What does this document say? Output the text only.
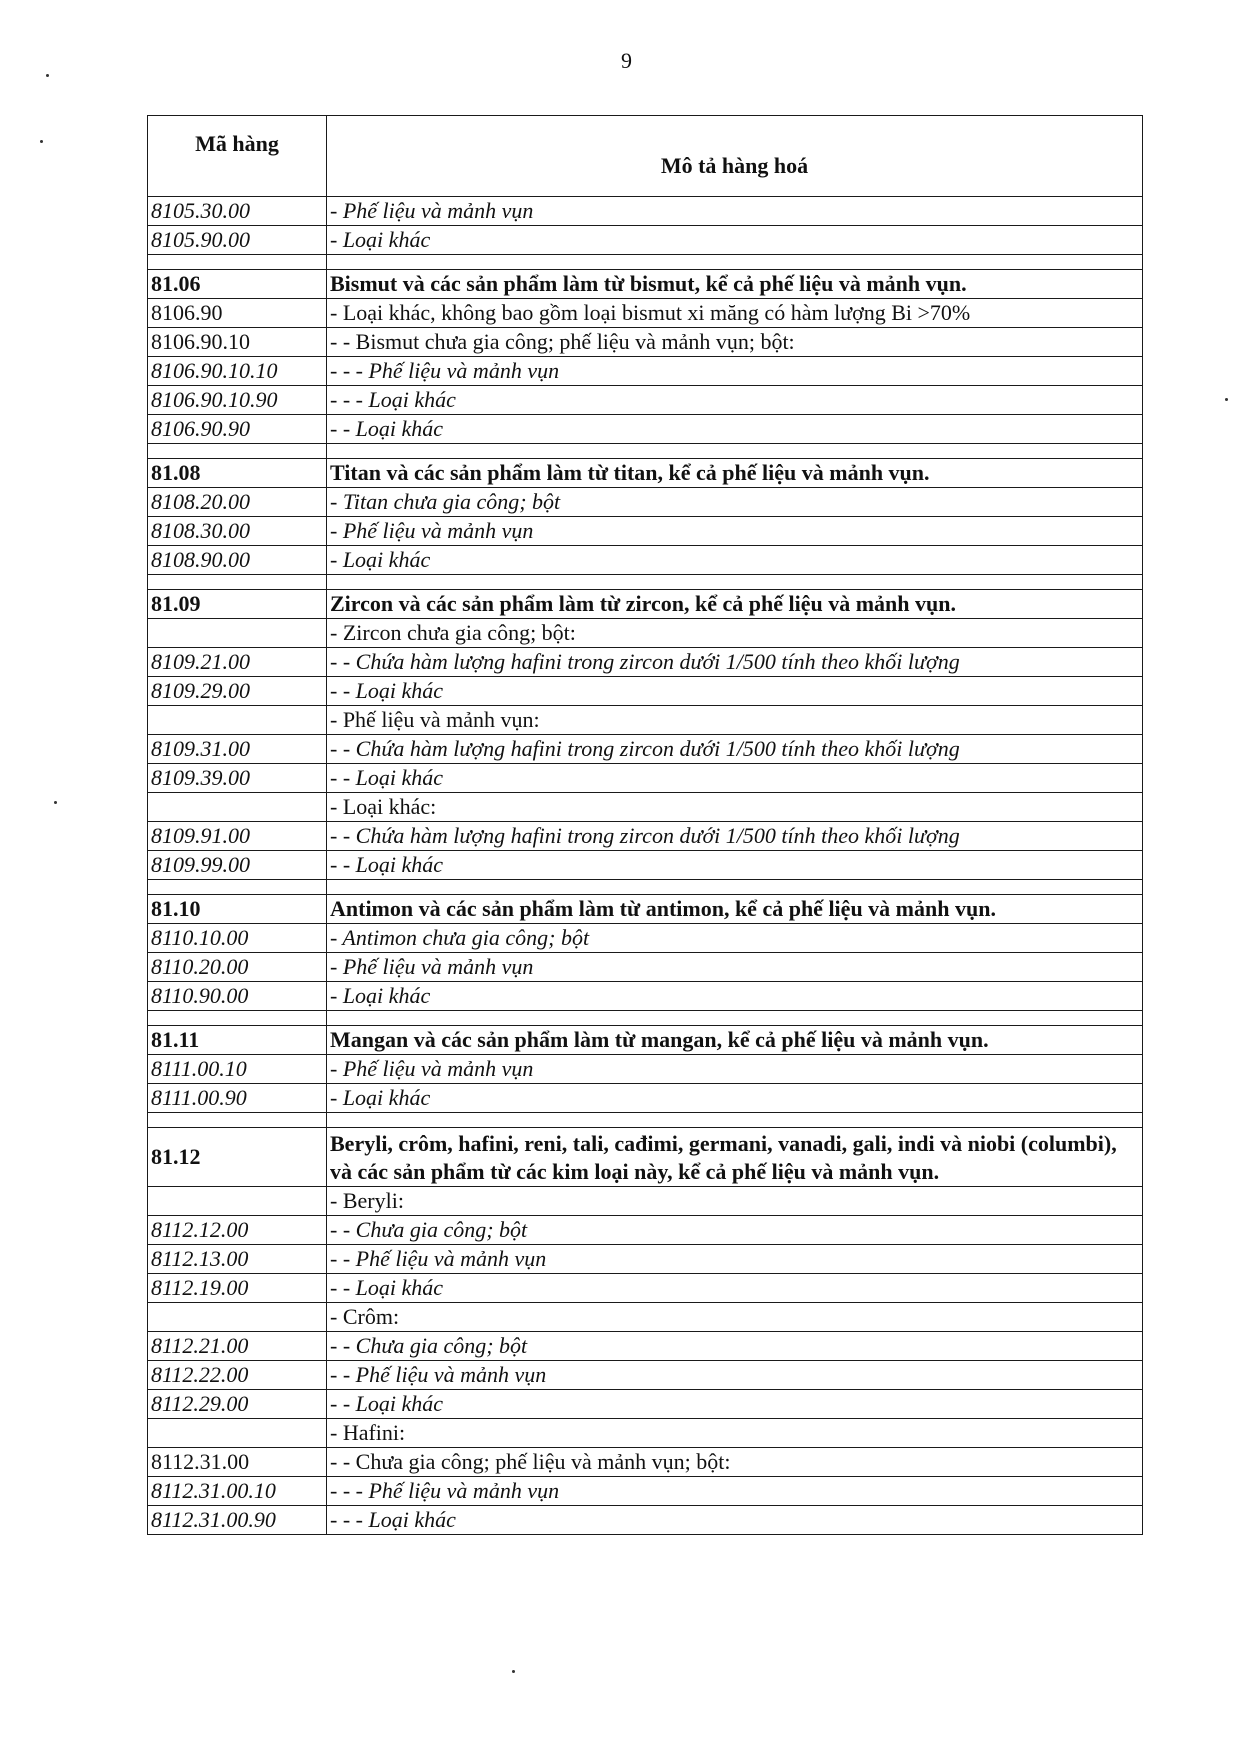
9
Mã hàng	Mô tả hàng hoá
8105.30.00	- Phế liệu và mảnh vụn
8105.90.00	- Loại khác

81.06	Bismut và các sản phẩm làm từ bismut, kể cả phế liệu và mảnh vụn.
8106.90	- Loại khác, không bao gồm loại bismut xi măng có hàm lượng Bi >70%
8106.90.10	- - Bismut chưa gia công; phế liệu và mảnh vụn; bột:
8106.90.10.10	- - - Phế liệu và mảnh vụn
8106.90.10.90	- - - Loại khác
8106.90.90	- - Loại khác

81.08	Titan và các sản phẩm làm từ titan, kể cả phế liệu và mảnh vụn.
8108.20.00	- Titan chưa gia công; bột
8108.30.00	- Phế liệu và mảnh vụn
8108.90.00	- Loại khác

81.09	Zircon và các sản phẩm làm từ zircon, kể cả phế liệu và mảnh vụn.
	- Zircon chưa gia công; bột:
8109.21.00	- - Chứa hàm lượng hafini trong zircon dưới 1/500 tính theo khối lượng
8109.29.00	- - Loại khác
	- Phế liệu và mảnh vụn:
8109.31.00	- - Chứa hàm lượng hafini trong zircon dưới 1/500 tính theo khối lượng
8109.39.00	- - Loại khác
	- Loại khác:
8109.91.00	- - Chứa hàm lượng hafini trong zircon dưới 1/500 tính theo khối lượng
8109.99.00	- - Loại khác

81.10	Antimon và các sản phẩm làm từ antimon, kể cả phế liệu và mảnh vụn.
8110.10.00	- Antimon chưa gia công; bột
8110.20.00	- Phế liệu và mảnh vụn
8110.90.00	- Loại khác

81.11	Mangan và các sản phẩm làm từ mangan, kể cả phế liệu và mảnh vụn.
8111.00.10	- Phế liệu và mảnh vụn
8111.00.90	- Loại khác

81.12	Beryli, crôm, hafini, reni, tali, cađimi, germani, vanadi, gali, indi và niobi (columbi), và các sản phẩm từ các kim loại này, kể cả phế liệu và mảnh vụn.
	- Beryli:
8112.12.00	- - Chưa gia công; bột
8112.13.00	- - Phế liệu và mảnh vụn
8112.19.00	- - Loại khác
	- Crôm:
8112.21.00	- - Chưa gia công; bột
8112.22.00	- - Phế liệu và mảnh vụn
8112.29.00	- - Loại khác
	- Hafini:
8112.31.00	- - Chưa gia công; phế liệu và mảnh vụn; bột:
8112.31.00.10	- - - Phế liệu và mảnh vụn
8112.31.00.90	- - - Loại khác
